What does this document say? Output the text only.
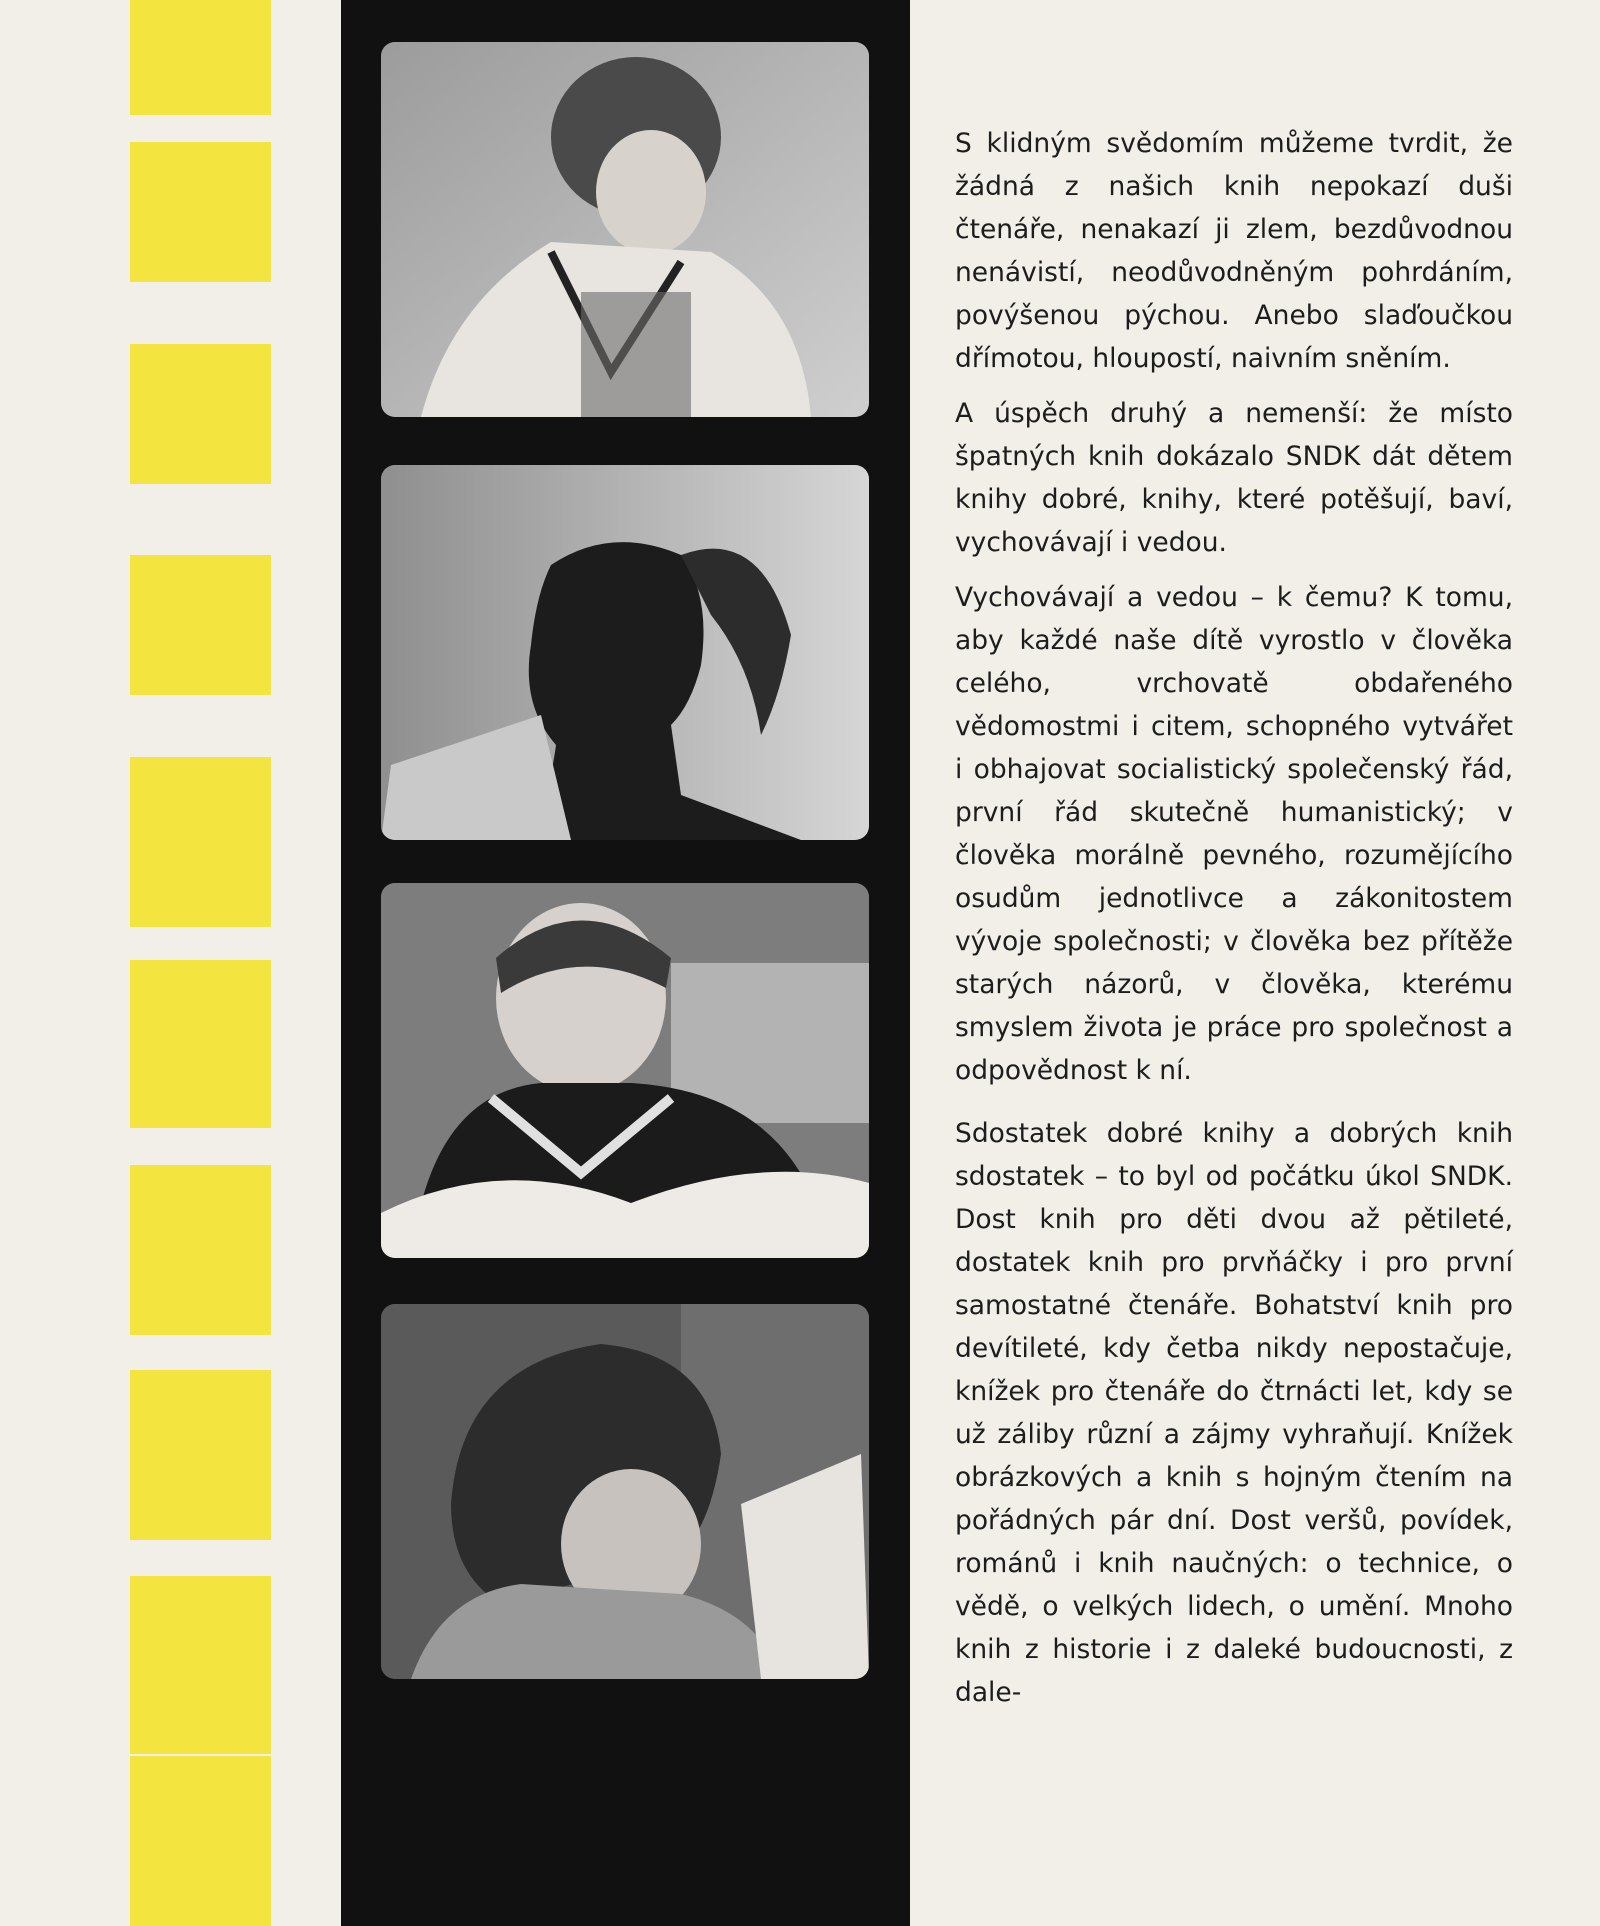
S klidným svědomím můžeme tvrdit, že žádná z našich knih nepokazí duši čtenáře, nenakazí ji zlem, bezdůvodnou nenávistí, neodůvodněným pohrdáním, povýšenou pýchou. Anebo slaďoučkou dřímotou, hloupostí, naivním sněním.

A úspěch druhý a nemenší: že místo špatných knih dokázalo SNDK dát dětem knihy dobré, knihy, které potěšují, baví, vychovávají i vedou.

Vychovávají a vedou – k čemu? K tomu, aby každé naše dítě vyrostlo v člověka celého, vrchovatě obdařeného vědomostmi i citem, schopného vytvářet i obhajovat socialistický společenský řád, první řád skutečně humanistický; v člověka morálně pevného, rozumějícího osudům jednotlivce a zákonitostem vývoje společnosti; v člověka bez přítěže starých názorů, v člověka, kterému smyslem života je práce pro společnost a odpovědnost k ní.

Sdostatek dobré knihy a dobrých knih sdostatek – to byl od počátku úkol SNDK. Dost knih pro děti dvou až pětileté, dostatek knih pro prvňáčky i pro první samostatné čtenáře. Bohatství knih pro devítileté, kdy četba nikdy nepostačuje, knížek pro čtenáře do čtrnácti let, kdy se už záliby různí a zájmy vyhraňují. Knížek obrázkových a knih s hojným čtením na pořádných pár dní. Dost veršů, povídek, románů i knih naučných: o technice, o vědě, o velkých lidech, o umění. Mnoho knih z historie i z daleké budoucnosti, z dale-
